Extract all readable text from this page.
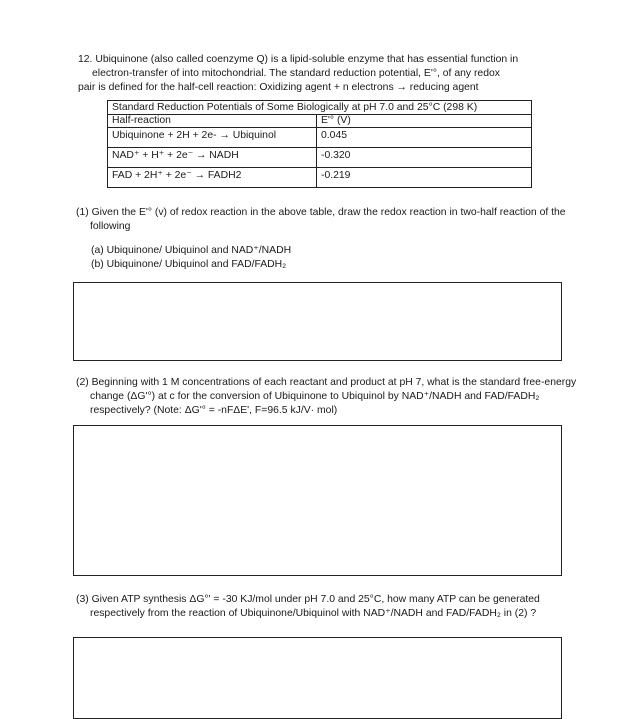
12. Ubiquinone (also called coenzyme Q) is a lipid-soluble enzyme that has essential function in
electron-transfer of into mitochondrial. The standard reduction potential, E'°, of any redox
pair is defined for the half-cell reaction: Oxidizing agent + n electrons → reducing agent
Standard Reduction Potentials of Some Biologically at pH 7.0 and 25°C (298 K)	
Half-reaction	E'° (V)
Ubiquinone + 2H + 2e- → Ubiquinol	0.045
NAD⁺ + H⁺ + 2e⁻ → NADH	-0.320
FAD + 2H⁺ + 2e⁻ → FADH2	-0.219
(1) Given the E'° (v) of redox reaction in the above table, draw the redox reaction in two-half reaction of the following
(a) Ubiquinone/ Ubiquinol and NAD⁺/NADH
(b) Ubiquinone/ Ubiquinol and FAD/FADH₂
(2) Beginning with 1 M concentrations of each reactant and product at pH 7, what is the standard free-energy change (ΔG'°) at c for the conversion of Ubiquinone to Ubiquinol by NAD⁺/NADH and FAD/FADH₂ respectively? (Note: ΔG'° = -nFΔE', F=96.5 kJ/V· mol)
(3) Given ATP synthesis ΔG°' = -30 KJ/mol under pH 7.0 and 25°C, how many ATP can be generated respectively from the reaction of Ubiquinone/Ubiquinol with NAD⁺/NADH and FAD/FADH₂ in (2) ?
